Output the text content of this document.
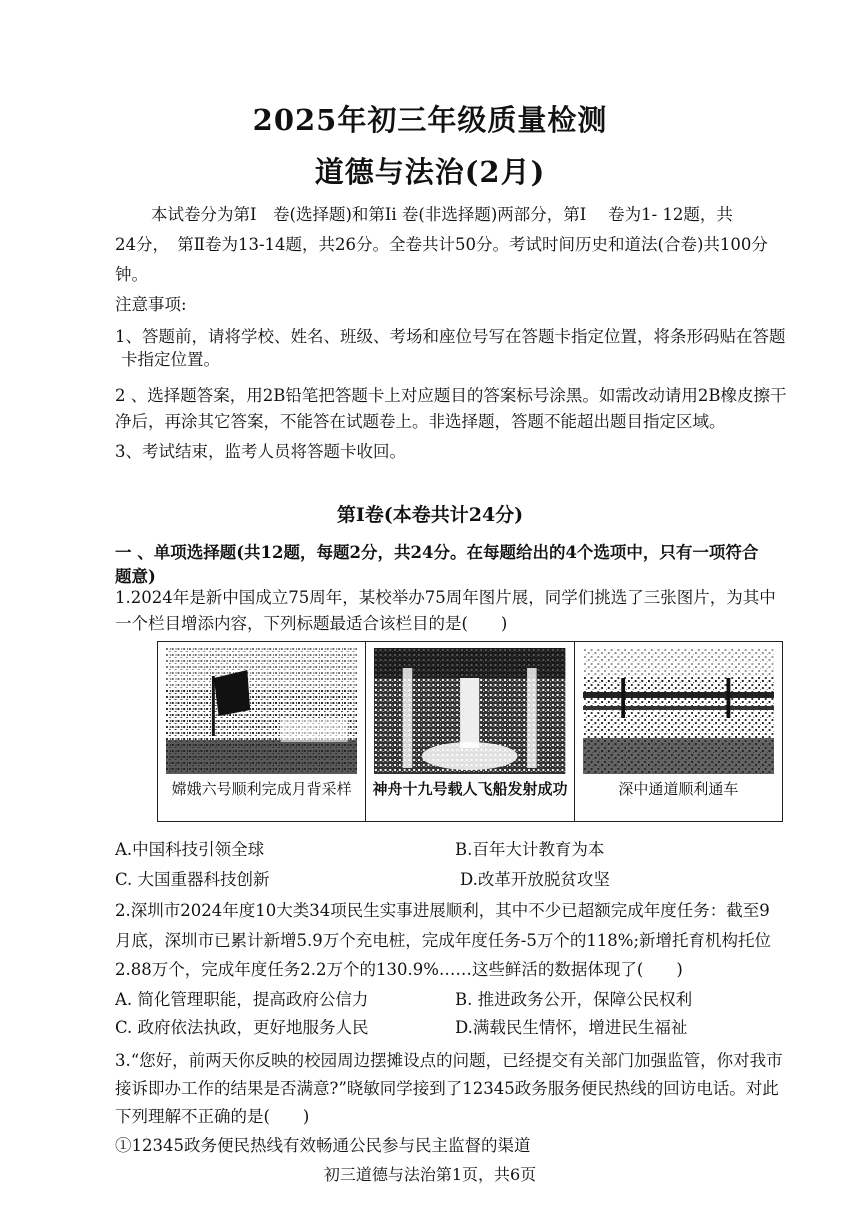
2025年初三年级质量检测
道德与法治(2月)
本试卷分为第I　卷(选择题)和第Ii 卷(非选择题)两部分，第I　 卷为1- 12题，共
24分，　第Ⅱ卷为13-14题，共26分。全卷共计50分。考试时间历史和道法(合卷)共100分
钟。
注意事项:
1、答题前，请将学校、姓名、班级、考场和座位号写在答题卡指定位置，将条形码贴在答题
卡指定位置。
2 、选择题答案，用2B铅笔把答题卡上对应题目的答案标号涂黑。如需改动请用2B橡皮擦干
净后，再涂其它答案，不能答在试题卷上。非选择题，答题不能超出题目指定区域。
3、考试结束，监考人员将答题卡收回。
第I卷(本卷共计24分)
一 、单项选择题(共12题，每题2分，共24分。在每题给出的4个选项中，只有一项符合
题意)
1.2024年是新中国成立75周年，某校举办75周年图片展，同学们挑选了三张图片，为其中
一个栏目增添内容，下列标题最适合该栏目的是(　　)
嫦娥六号顺利完成月背采样	神舟十九号载人飞船发射成功	深中通道顺利通车
A.中国科技引领全球	B.百年大计教育为本
C. 大国重器科技创新	D.改革开放脱贫攻坚
2.深圳市2024年度10大类34项民生实事进展顺利，其中不少已超额完成年度任务：截至9
月底，深圳市已累计新增5.9万个充电桩，完成年度任务-5万个的118%;新增托育机构托位
2.88万个，完成年度任务2.2万个的130.9%……这些鲜活的数据体现了(　　)
A. 简化管理职能，提高政府公信力	B. 推进政务公开，保障公民权利
C. 政府依法执政，更好地服务人民	D.满载民生情怀，增进民生福祉
3.“您好，前两天你反映的校园周边摆摊设点的问题，已经提交有关部门加强监管，你对我市
接诉即办工作的结果是否满意?”晓敏同学接到了12345政务服务便民热线的回访电话。对此
下列理解不正确的是(　　)
①12345政务便民热线有效畅通公民参与民主监督的渠道
初三道德与法治第1页，共6页
